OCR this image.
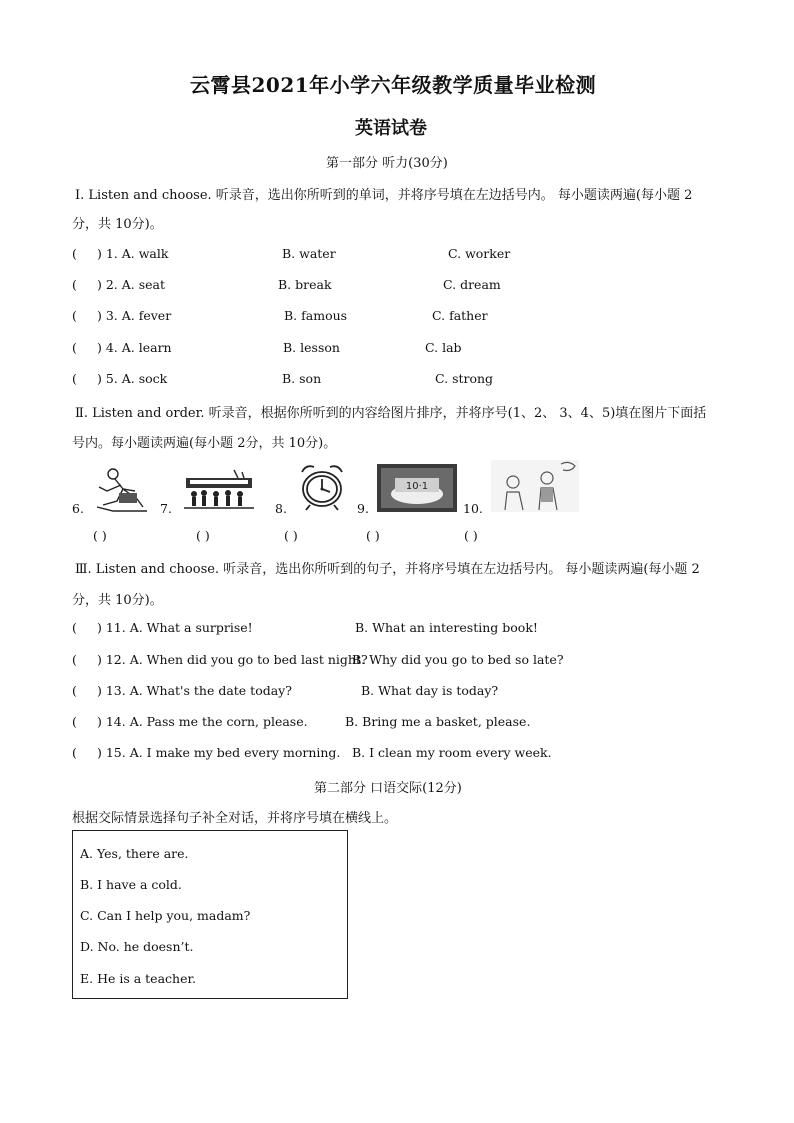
云霄县2021年小学六年级教学质量毕业检测
英语试卷
第一部分 听力(30分)
Ⅰ. Listen and choose. 听录音，选出你所听到的单词，并将序号填在左边括号内。 每小题读两遍(每小题 2
分，共 10分)。
( ) 1. A. walk	B. water	C. worker
( ) 2. A. seat	B. break	C. dream
( ) 3. A. fever	B. famous	C. father
( ) 4. A. learn	B. lesson	C. lab
( ) 5. A. sock	B. son	C. strong
Ⅱ. Listen and order. 听录音，根据你所听到的内容给图片排序，并将序号(1、2、 3、4、5)填在图片下面括
号内。每小题读两遍(每小题 2分，共 10分)。
10·1
6.	7.	8.	9.	10.
( )	( )	( )	( )	( )
Ⅲ. Listen and choose. 听录音，选出你所听到的句子，并将序号填在左边括号内。 每小题读两遍(每小题 2
分，共 10分)。
( ) 11. A. What a surprise!	B. What an interesting book!
( ) 12. A. When did you go to bed last night?
B. Why did you go to bed so late?
( ) 13. A. What's the date today?	B. What day is today?
( ) 14. A. Pass me the corn, please.	B. Bring me a basket, please.
( ) 15. A. I make my bed every morning. B. I clean my room every week.
第二部分 口语交际(12分)
根据交际情景选择句子补全对话，并将序号填在横线上。
A. Yes, there are.
B. I have a cold.
C. Can I help you, madam?
D. No. he doesn’t.
E. He is a teacher.
